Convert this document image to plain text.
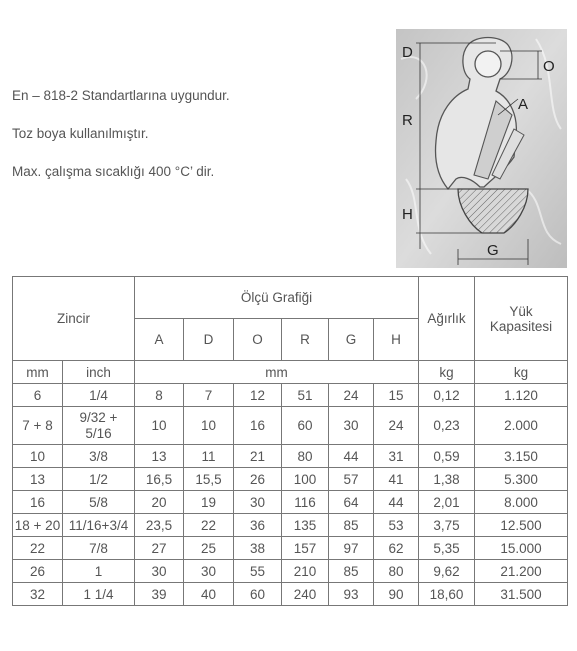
En – 818-2 Standartlarına uygundur.

Toz boya kullanılmıştır.

Max. çalışma sıcaklığı 400 °C’ dir.

D
O
A
R
H
G
Zincir		Ölçü Grafiği						Ağırlık	Yük
Kapasitesi

		A	D	O	R	G	H		
mm	inch	mm						kg	kg
6	1/4	8	7	12	51	24	15	0,12	1.120
7 + 8	9/32 + 5/16	10	10	16	60	30	24	0,23	2.000
10	3/8	13	11	21	80	44	31	0,59	3.150
13	1/2	16,5	15,5	26	100	57	41	1,38	5.300
16	5/8	20	19	30	116	64	44	2,01	8.000
18 + 20	11/16+3/4	23,5	22	36	135	85	53	3,75	12.500
22	7/8	27	25	38	157	97	62	5,35	15.000
26	1	30	30	55	210	85	80	9,62	21.200
32	1 1/4	39	40	60	240	93	90	18,60	31.500
